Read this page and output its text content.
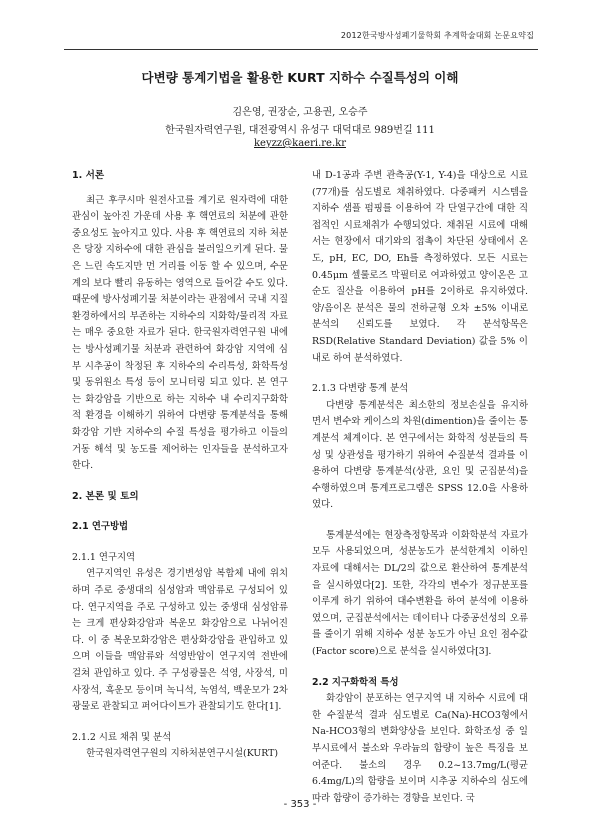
2012한국방사성폐기물학회 추계학술대회 논문요약집
다변량 통계기법을 활용한 KURT 지하수 수질특성의 이해
김은영, 권장순, 고용권, 오승주
한국원자력연구원, 대전광역시 유성구 대덕대로 989번길 111
keyzz@kaeri.re.kr

1. 서론

최근 후쿠시마 원전사고를 계기로 원자력에 대한 관심이 높아진 가운데 사용 후 핵연료의 처분에 관한 중요성도 높아지고 있다. 사용 후 핵연료의 지하 처분은 당장 지하수에 대한 관심을 불러일으키게 된다. 물은 느린 속도지만 먼 거리를 이동 할 수 있으며, 수문계의 보다 빨리 유동하는 영역으로 들어갈 수도 있다. 때문에 방사성폐기물 처분이라는 관점에서 국내 지질 환경하에서의 부존하는 지하수의 지화학/물리적 자료는 매우 중요한 자료가 된다. 한국원자력연구원 내에는 방사성폐기물 처분과 관련하여 화강암 지역에 심부 시추공이 착정된 후 지하수의 수리특성, 화학특성 및 동위원소 특성 등이 모니터링 되고 있다. 본 연구는 화강암을 기반으로 하는 지하수 내 수리지구화학적 환경을 이해하기 위하여 다변량 통계분석을 통해 화강암 기반 지하수의 수질 특성을 평가하고 이들의 거동 해석 및 농도를 제어하는 인자들을 분석하고자 한다.

2. 본론 및 토의

2.1 연구방법

2.1.1 연구지역

연구지역인 유성은 경기변성암 복합체 내에 위치하며 주로 중생대의 심성암과 맥암류로 구성되어 있다. 연구지역을 주로 구성하고 있는 중생대 심성암류는 크게 편상화강암과 복운모 화강암으로 나뉘어진다. 이 중 복운모화강암은 편상화강암을 관입하고 있으며 이들을 맥암류와 석영반암이 연구지역 전반에 걸쳐 관입하고 있다. 주 구성광물은 석영, 사장석, 미사장석, 흑운모 등이며 녹니석, 녹염석, 백운모가 2차 광물로 관찰되고 퍼어다이트가 관찰되기도 한다[1].

2.1.2 시료 채취 및 분석

한국원자력연구원의 지하처분연구시설(KURT)

내 D-1공과 주변 관측공(Y-1, Y-4)을 대상으로 시료(77개)를 심도별로 채취하였다. 다중패커 시스템을 지하수 샘플 펌핑를 이용하여 각 단열구간에 대한 직접적인 시료채취가 수행되었다. 채취된 시료에 대해서는 현장에서 대기와의 접촉이 차단된 상태에서 온도, pH, EC, DO, Eh를 측정하였다. 모든 시료는 0.45μm 셀룰로즈 막필터로 여과하였고 양이온은 고순도 질산을 이용하여 pH를 2이하로 유지하였다. 양/음이온 분석은 물의 전하균형 오차 ±5% 이내로 분석의 신뢰도를 보였다. 각 분석항목은 RSD(Relative Standard Deviation) 값을 5% 이내로 하여 분석하였다.

2.1.3 다변량 통계 분석

다변량 통계분석은 최소한의 정보손실을 유지하면서 변수와 케이스의 차원(dimention)을 줄이는 통계분석 체계이다. 본 연구에서는 화학적 성분들의 특성 및 상관성을 평가하기 위하여 수질분석 결과를 이용하여 다변량 통계분석(상관, 요인 및 군집분석)을 수행하였으며 통계프로그램은 SPSS 12.0을 사용하였다.

통계분석에는 현장측정항목과 이화학분석 자료가 모두 사용되었으며, 성분농도가 분석한계치 이하인 자료에 대해서는 DL/2의 값으로 환산하여 통계분석을 실시하였다[2]. 또한, 각각의 변수가 정규분포를 이루게 하기 위하여 대수변환을 하여 분석에 이용하였으며, 군집분석에서는 데이터나 다중공선성의 오류를 줄이기 위해 지하수 성분 농도가 아닌 요인 점수값(Factor score)으로 분석을 실시하였다[3].

2.2 지구화학적 특성

화강암이 분포하는 연구지역 내 지하수 시료에 대한 수질분석 결과 심도별로 Ca(Na)-HCO3형에서 Na-HCO3형의 변화양상을 보인다. 화학조성 중 일부시료에서 불소와 우라늄의 함량이 높은 특징을 보여준다. 불소의 경우 0.2~13.7mg/L(평균 6.4mg/L)의 함량을 보이며 시추공 지하수의 심도에 따라 함량이 증가하는 경향을 보인다. 국

- 353 -
